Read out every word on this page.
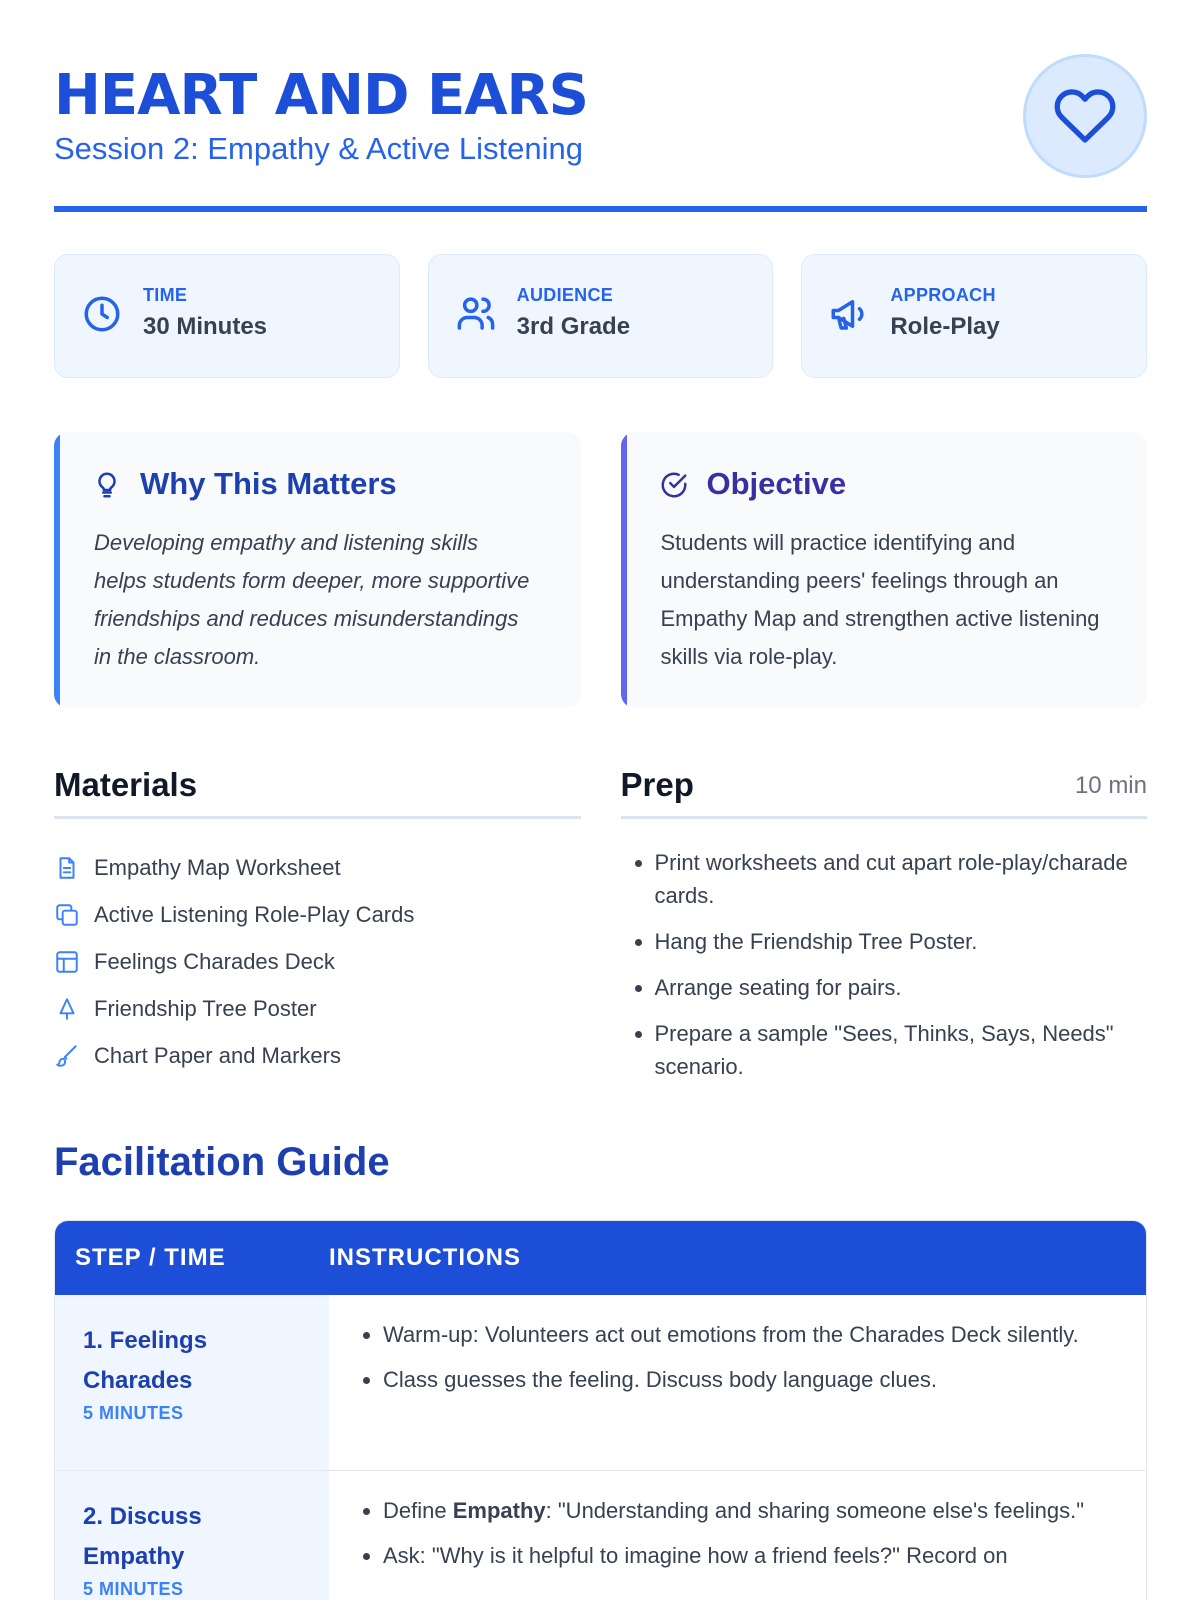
HEART AND EARS
Session 2: Empathy & Active Listening
TIME
30 Minutes
AUDIENCE
3rd Grade
APPROACH
Role-Play
Why This Matters
Developing empathy and listening skills helps students form deeper, more supportive friendships and reduces misunderstandings in the classroom.
Objective
Students will practice identifying and understanding peers' feelings through an Empathy Map and strengthen active listening skills via role-play.
Materials
Empathy Map Worksheet
Active Listening Role-Play Cards
Feelings Charades Deck
Friendship Tree Poster
Chart Paper and Markers
Prep	10 min
• Print worksheets and cut apart role-play/charade cards.
• Hang the Friendship Tree Poster.
• Arrange seating for pairs.
• Prepare a sample "Sees, Thinks, Says, Needs" scenario.
Facilitation Guide
STEP / TIME	INSTRUCTIONS
1. Feelings Charades
5 MINUTES
• Warm-up: Volunteers act out emotions from the Charades Deck silently.
• Class guesses the feeling. Discuss body language clues.
2. Discuss Empathy
5 MINUTES
• Define Empathy: "Understanding and sharing someone else's feelings."
• Ask: "Why is it helpful to imagine how a friend feels?" Record on
